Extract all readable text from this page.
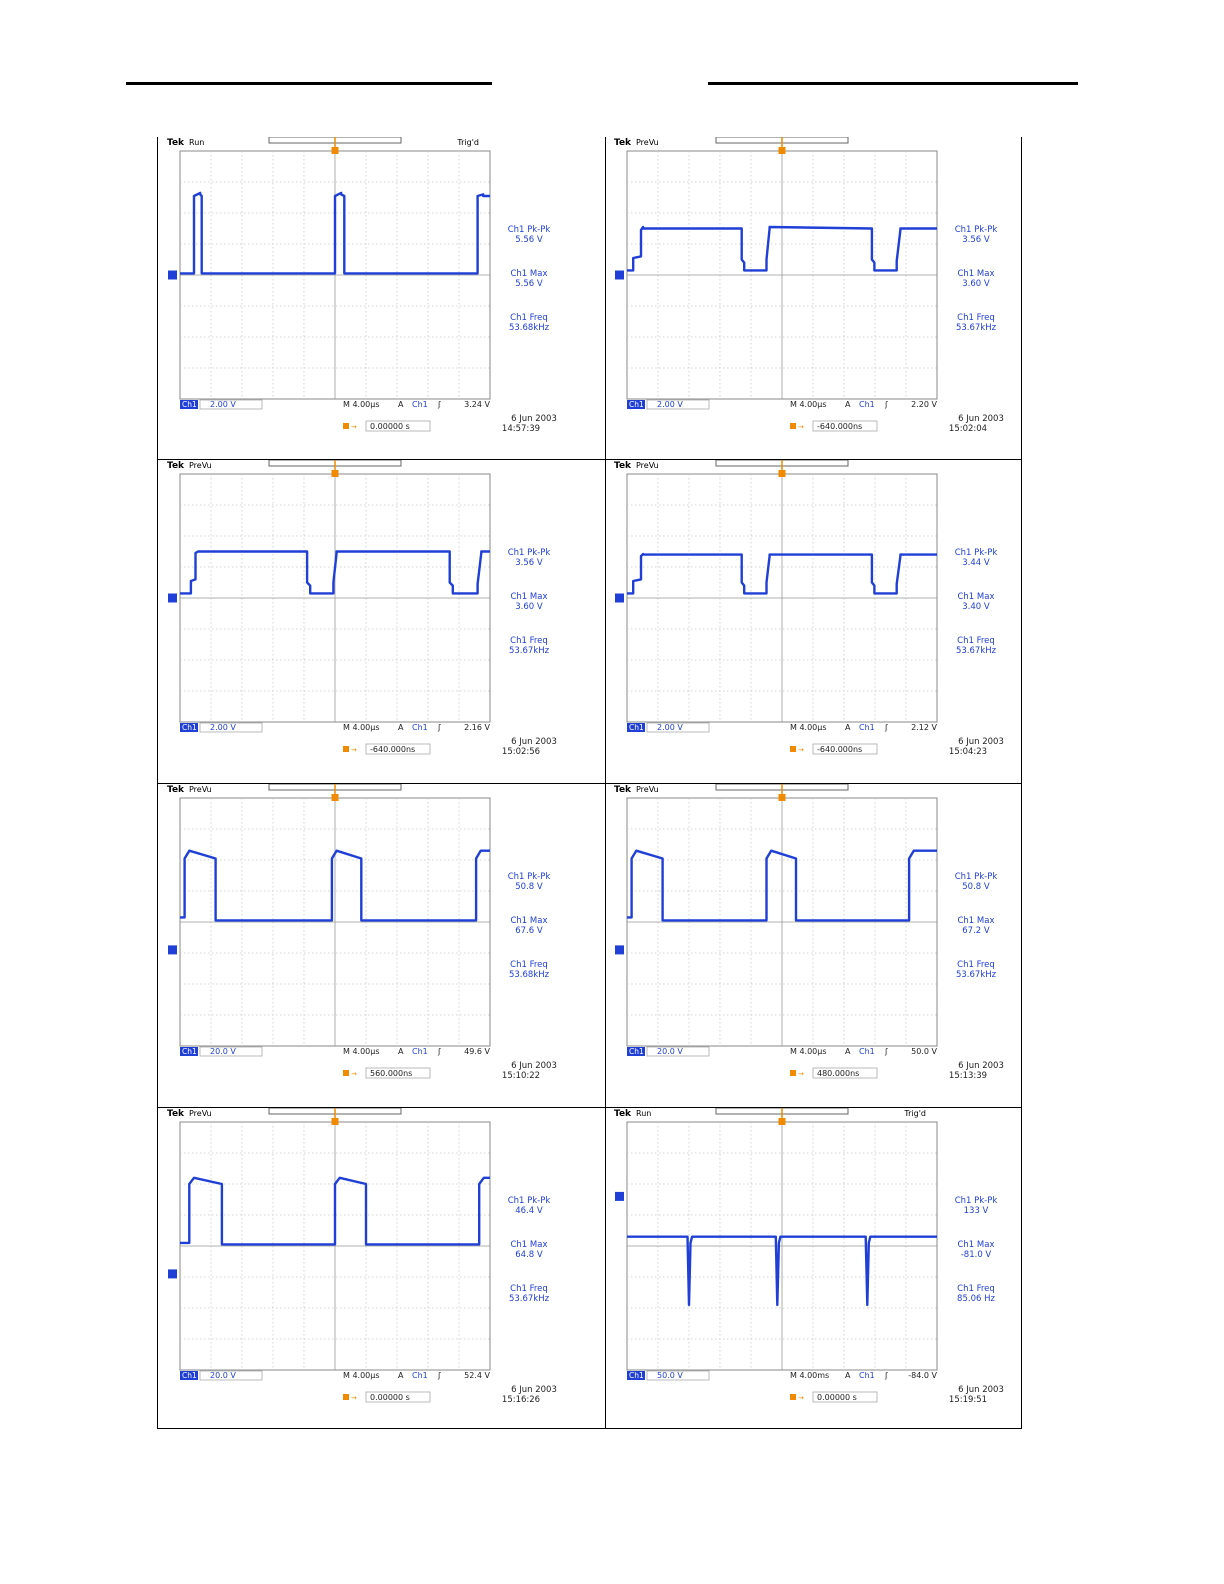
Tek Run	Trig'd
Ch1 Pk-Pk
5.56 V
Ch1 Max
5.56 V
Ch1 Freq
53.68kHz
Ch1 2.00 V	M 4.00µs A Ch1 ʃ	3.24 V
→ 0.00000 s
6 Jun 2003
14:57:39
Tek PreVu
Ch1 Pk-Pk
3.56 V
Ch1 Max
3.60 V
Ch1 Freq
53.67kHz
Ch1 2.00 V	M 4.00µs A Ch1 ʃ	2.20 V
→ -640.000ns
6 Jun 2003
15:02:04
Tek PreVu
Ch1 Pk-Pk
3.56 V
Ch1 Max
3.60 V
Ch1 Freq
53.67kHz
Ch1 2.00 V	M 4.00µs A Ch1 ʃ	2.16 V
→ -640.000ns
6 Jun 2003
15:02:56
Tek PreVu
Ch1 Pk-Pk
3.44 V
Ch1 Max
3.40 V
Ch1 Freq
53.67kHz
Ch1 2.00 V	M 4.00µs A Ch1 ʃ	2.12 V
→ -640.000ns
6 Jun 2003
15:04:23
Tek PreVu
Ch1 Pk-Pk
50.8 V
Ch1 Max
67.6 V
Ch1 Freq
53.68kHz
Ch1 20.0 V	M 4.00µs A Ch1 ʃ	49.6 V
→ 560.000ns
6 Jun 2003
15:10:22
Tek PreVu
Ch1 Pk-Pk
50.8 V
Ch1 Max
67.2 V
Ch1 Freq
53.67kHz
Ch1 20.0 V	M 4.00µs A Ch1 ʃ	50.0 V
→ 480.000ns
6 Jun 2003
15:13:39
Tek PreVu
Ch1 Pk-Pk
46.4 V
Ch1 Max
64.8 V
Ch1 Freq
53.67kHz
Ch1 20.0 V	M 4.00µs A Ch1 ʃ	52.4 V
→ 0.00000 s
6 Jun 2003
15:16:26
Tek Run	Trig'd
Ch1 Pk-Pk
133 V
Ch1 Max
-81.0 V
Ch1 Freq
85.06 Hz
Ch1 50.0 V	M 4.00ms A Ch1 ʃ	-84.0 V
→ 0.00000 s
6 Jun 2003
15:19:51
